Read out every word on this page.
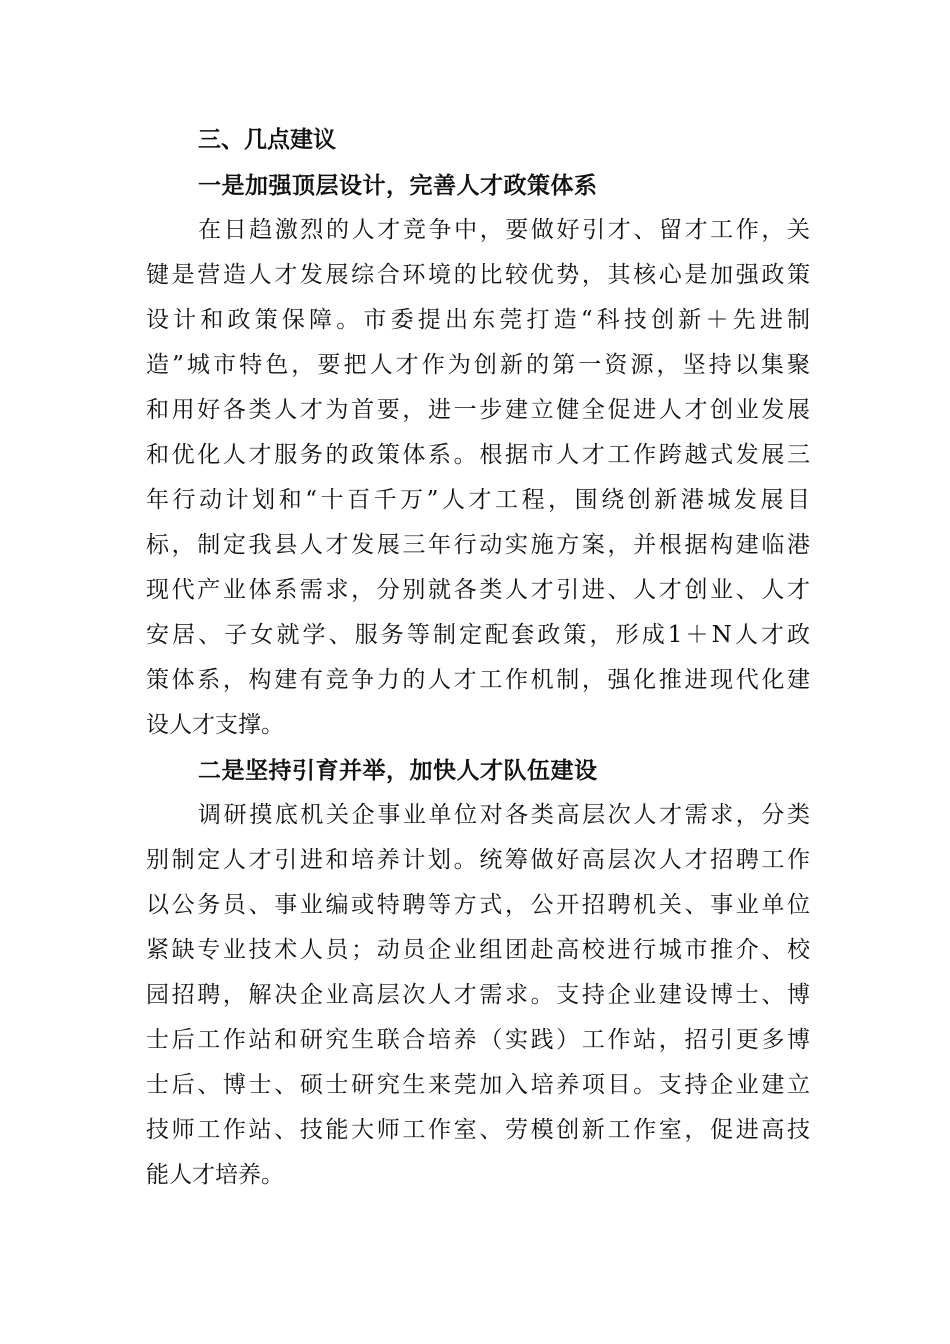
三、几点建议

一是加强顶层设计，完善人才政策体系

在日趋激烈的人才竞争中，要做好引才、留才工作，关

键是营造人才发展综合环境的比较优势，其核心是加强政策

设计和政策保障。市委提出东莞打造“科技创新＋先进制

造”城市特色，要把人才作为创新的第一资源，坚持以集聚

和用好各类人才为首要，进一步建立健全促进人才创业发展

和优化人才服务的政策体系。根据市人才工作跨越式发展三

年行动计划和“十百千万”人才工程，围绕创新港城发展目

标，制定我县人才发展三年行动实施方案，并根据构建临港

现代产业体系需求，分别就各类人才引进、人才创业、人才

安居、子女就学、服务等制定配套政策，形成1＋N人才政

策体系，构建有竞争力的人才工作机制，强化推进现代化建

设人才支撑。

二是坚持引育并举，加快人才队伍建设

调研摸底机关企事业单位对各类高层次人才需求，分类

别制定人才引进和培养计划。统筹做好高层次人才招聘工作

以公务员、事业编或特聘等方式，公开招聘机关、事业单位

紧缺专业技术人员；动员企业组团赴高校进行城市推介、校

园招聘，解决企业高层次人才需求。支持企业建设博士、博

士后工作站和研究生联合培养（实践）工作站，招引更多博

士后、博士、硕士研究生来莞加入培养项目。支持企业建立

技师工作站、技能大师工作室、劳模创新工作室，促进高技

能人才培养。
